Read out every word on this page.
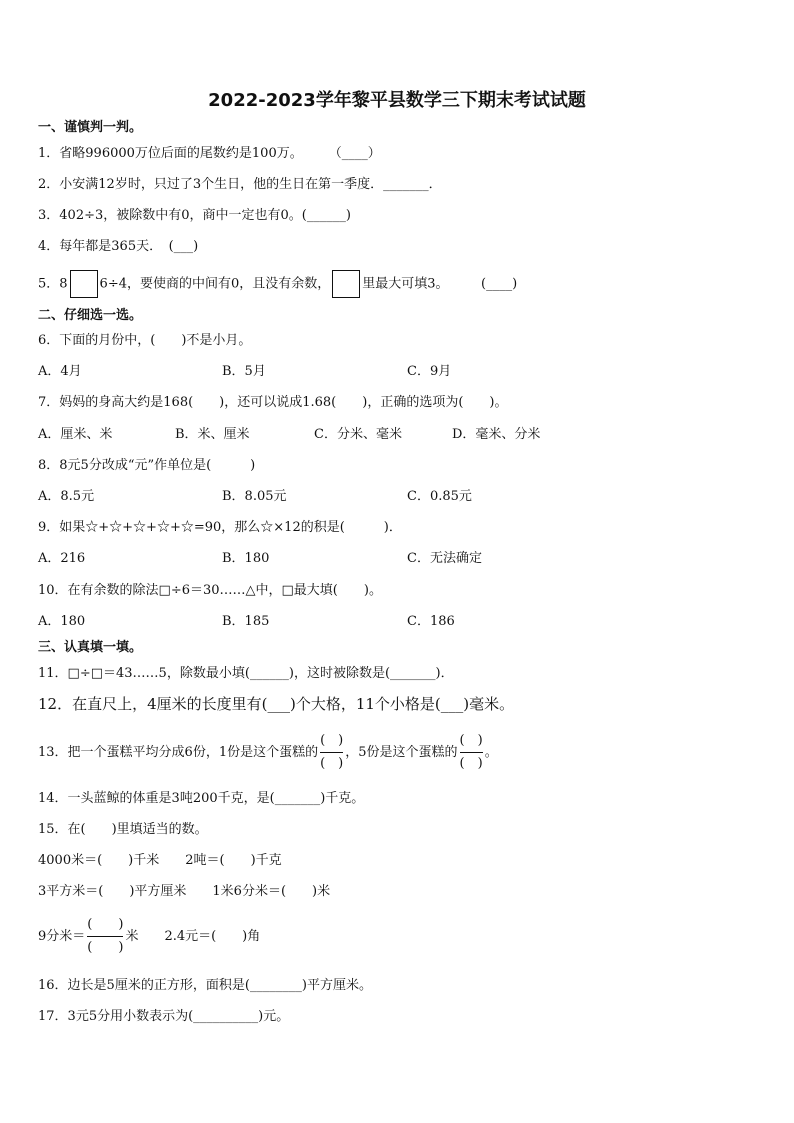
2022-2023学年黎平县数学三下期末考试试题
一、谨慎判一判。
1．省略996000万位后面的尾数约是100万。　　　（____）
2．小安满12岁时，只过了3个生日，他的生日在第一季度．_______．
3．402÷3，被除数中有0，商中一定也有0。(______)
4．每年都是365天．　(___)
5．8 6÷4，要使商的中间有0，且没有余数， 里最大可填3。　　　(____)
二、仔细选一选。
6．下面的月份中，(　　)不是小月。
A．4月	B．5月	C．9月
7．妈妈的身高大约是168(　　)，还可以说成1.68(　　)，正确的选项为(　　)。
A．厘米、米	B．米、厘米	C．分米、毫米	D．毫米、分米
8．8元5分改成“元”作单位是(　　　)
A．8.5元	B．8.05元	C．0.85元
9．如果☆+☆+☆+☆+☆=90，那么☆×12的积是(　　　)．
A．216	B．180	C．无法确定
10．在有余数的除法□÷6＝30……△中，□最大填(　　)。
A．180	B．185	C．186
三、认真填一填。
11．□÷□＝43……5，除数最小填(______)，这时被除数是(_______)．
12．在直尺上，4厘米的长度里有(___)个大格，11个小格是(___)毫米。
13．把一个蛋糕平均分成6份，1份是这个蛋糕的 $\frac{( )}{( )}$ ，5份是这个蛋糕的 $\frac{( )}{( )}$ 。
14．一头蓝鲸的体重是3吨200千克，是(_______)千克。
15．在(　　)里填适当的数。
4000米＝(　　)千米　　2吨＝(　　)千克
3平方米＝(　　)平方厘米　　1米6分米＝(　　)米
9分米＝ $\frac{( )}{( )}$ 米　　2.4元＝(　　)角
16．边长是5厘米的正方形，面积是(________)平方厘米。
17．3元5分用小数表示为(__________)元。
